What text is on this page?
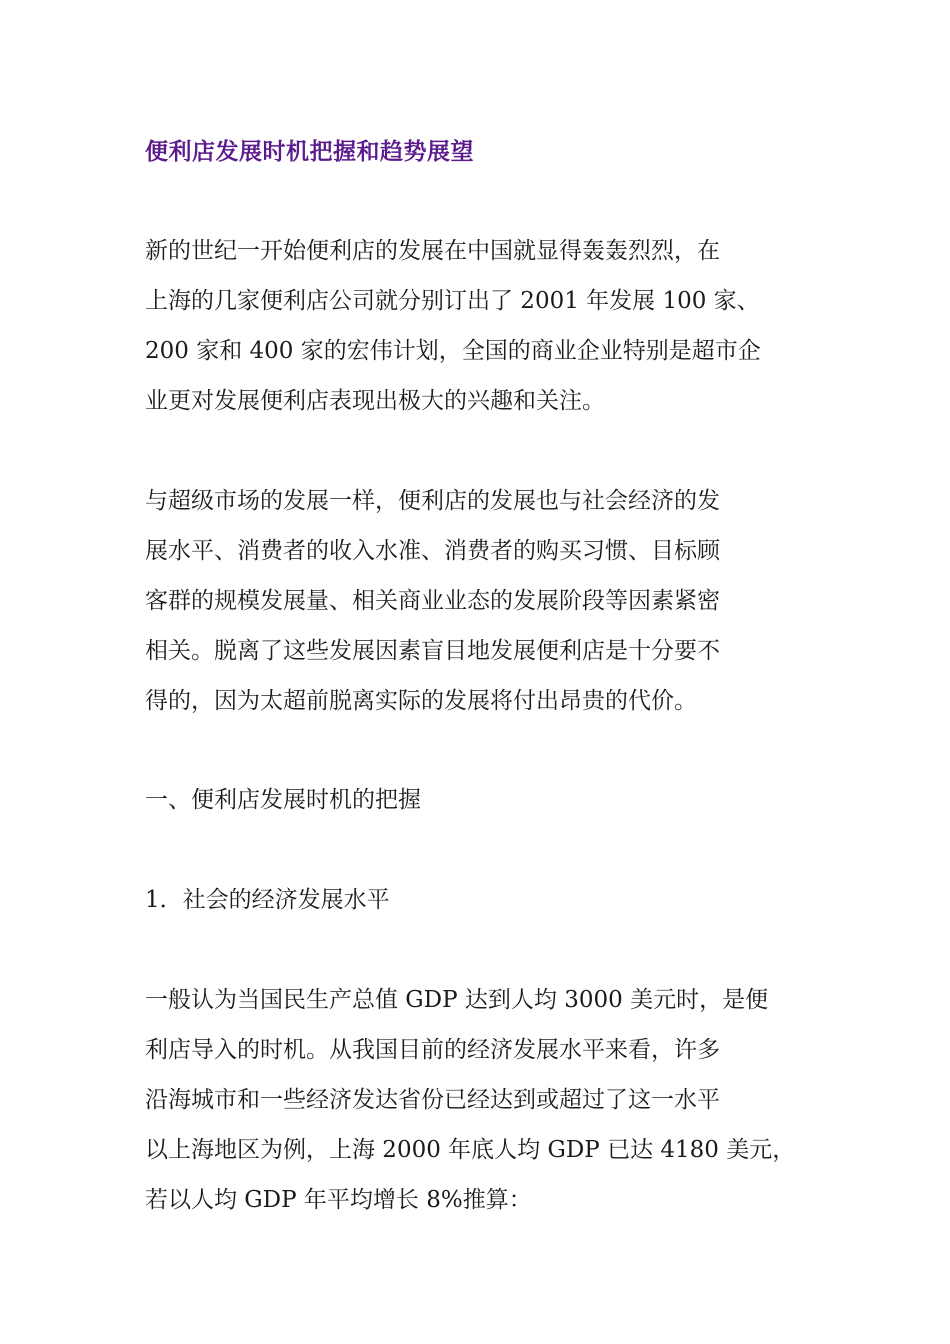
便利店发展时机把握和趋势展望
新的世纪一开始便利店的发展在中国就显得轰轰烈烈，在
上海的几家便利店公司就分别订出了 2001 年发展 100 家、
200 家和 400 家的宏伟计划，全国的商业企业特别是超市企
业更对发展便利店表现出极大的兴趣和关注。
与超级市场的发展一样，便利店的发展也与社会经济的发
展水平、消费者的收入水准、消费者的购买习惯、目标顾
客群的规模发展量、相关商业业态的发展阶段等因素紧密
相关。脱离了这些发展因素盲目地发展便利店是十分要不
得的，因为太超前脱离实际的发展将付出昂贵的代价。
一、便利店发展时机的把握
1．社会的经济发展水平
一般认为当国民生产总值 GDP 达到人均 3000 美元时，是便
利店导入的时机。从我国目前的经济发展水平来看，许多
沿海城市和一些经济发达省份已经达到或超过了这一水平
以上海地区为例，上海 2000 年底人均 GDP 已达 4180 美元，
若以人均 GDP 年平均增长 8%推算：
